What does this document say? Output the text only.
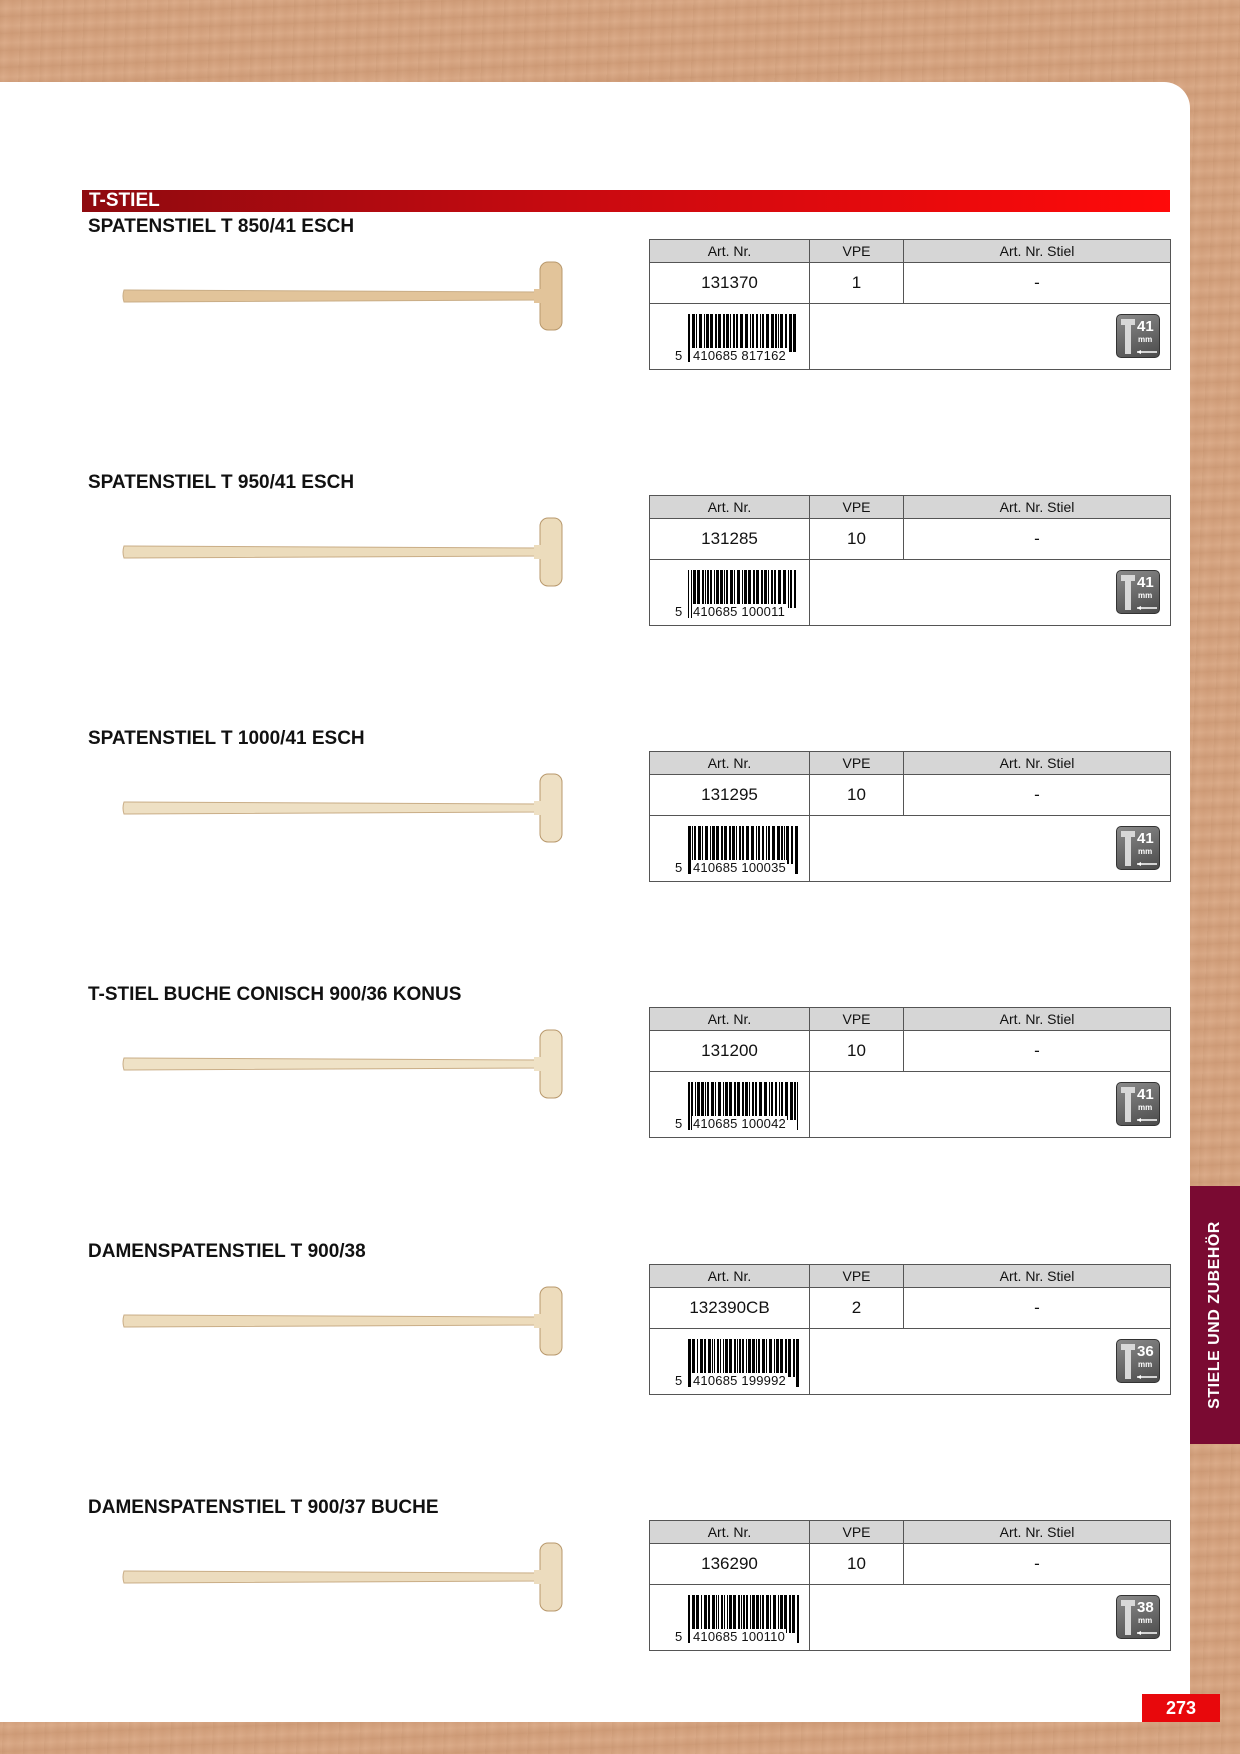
T-STIEL
SPATENSTIEL T 850/41 ESCH
Art. Nr.	VPE	Art. Nr. Stiel
131370	1	-

5 410685 817162	41
mm	
SPATENSTIEL T 950/41 ESCH
Art. Nr.	VPE	Art. Nr. Stiel
131285	10	-

5 410685 100011	41
mm	
SPATENSTIEL T 1000/41 ESCH
Art. Nr.	VPE	Art. Nr. Stiel
131295	10	-

5 410685 100035	41
mm	
T-STIEL BUCHE CONISCH 900/36 KONUS
Art. Nr.	VPE	Art. Nr. Stiel
131200	10	-

5 410685 100042	41
mm	
DAMENSPATENSTIEL T 900/38
Art. Nr.	VPE	Art. Nr. Stiel
132390CB	2	-

5 410685 199992	36
mm	
DAMENSPATENSTIEL T 900/37 BUCHE
Art. Nr.	VPE	Art. Nr. Stiel
136290	10	-

5 410685 100110	38
mm	
STIELE UND ZUBEHÖR
273
